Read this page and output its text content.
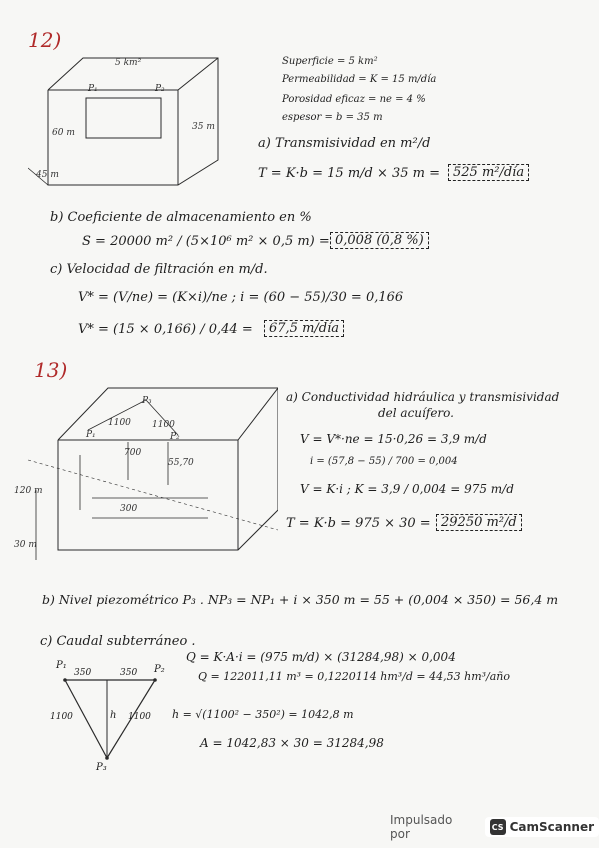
12)
5 km²
P₁	P₂
60 m
35 m
45 m
Superficie = 5 km²
Permeabilidad = K = 15 m/día
Porosidad eficaz = ne = 4 %
espesor = b = 35 m
a) Transmisividad en m²/d
T = K·b = 15 m/d × 35 m = 525 m²/día
b) Coeficiente de almacenamiento en %
S = 20000 m² / (5×10⁶ m² × 0,5 m) = 0,008 (0,8 %)
c) Velocidad de filtración en m/d.
V* = (V/ne) = (K×i)/ne ; i = (60 − 55)/30 = 0,166
V* = (15 × 0,166) / 0,44 =	67,5 m/día
13)
P₃
P₁	P₂
1100 1100
700
55,70
300
120 m
30 m
a) Conductividad hidráulica y transmisividad
del acuífero.
V = V*·ne = 15·0,26 = 3,9 m/d
i = (57,8 − 55) / 700 = 0,004
V = K·i ; K = 3,9 / 0,004 = 975 m/d
T = K·b = 975 × 30 = 29250 m²/d
b) Nivel piezométrico P₃ . NP₃ = NP₁ + i × 350 m = 55 + (0,004 × 350) = 56,4 m
c) Caudal subterráneo .
P₁	P₂
P₃
350	350
1100	1100
h
Q = K·A·i = (975 m/d) × (31284,98) × 0,004
Q = 122011,11 m³ = 0,1220114 hm³/d = 44,53 hm³/año
h = √(1100² − 350²) = 1042,8 m
A = 1042,83 × 30 = 31284,98
Impulsado por	CS CamScanner
